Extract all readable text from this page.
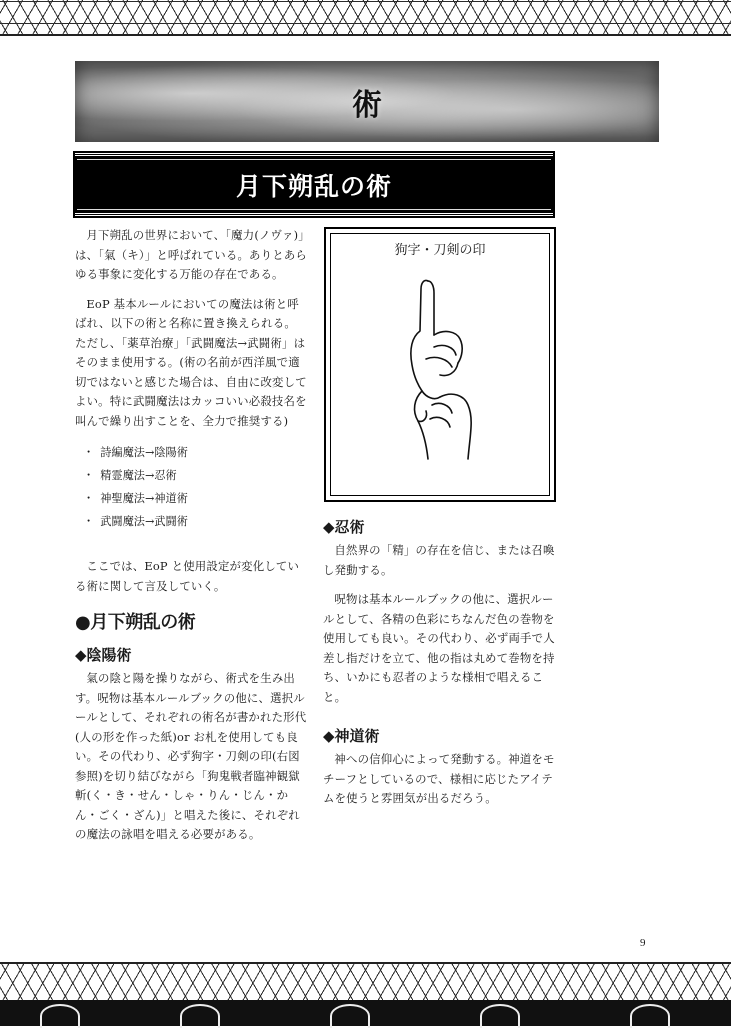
術
月下朔乱の術

月下朔乱の世界において、「魔力(ノヴァ)」は、「氣（キ）」と呼ばれている。ありとあらゆる事象に変化する万能の存在である。

EoP 基本ルールにおいての魔法は術と呼ばれ、以下の術と名称に置き換えられる。ただし、「薬草治療」「武闘魔法→武闘術」はそのまま使用する。(術の名前が西洋風で適切ではないと感じた場合は、自由に改変してよい。特に武闘魔法はカッコいい必殺技名を叫んで繰り出すことを、全力で推奨する)

・ 詩編魔法→陰陽術
・ 精霊魔法→忍術
・ 神聖魔法→神道術
・ 武闘魔法→武闘術

ここでは、EoP と使用設定が変化している術に関して言及していく。

●月下朔乱の術
◆陰陽術

氣の陰と陽を操りながら、術式を生み出す。呪物は基本ルールブックの他に、選択ルールとして、それぞれの術名が書かれた形代(人の形を作った紙)or お札を使用しても良い。その代わり、必ず狗字・刀剣の印(右図参照)を切り結びながら「狗鬼戦者臨神観獄斬(く・き・せん・しゃ・りん・じん・かん・ごく・ざん)」と唱えた後に、それぞれの魔法の詠唱を唱える必要がある。

狗字・刀剣の印
◆忍術

自然界の「精」の存在を信じ、または召喚し発動する。

呪物は基本ルールブックの他に、選択ルールとして、各精の色彩にちなんだ色の巻物を使用しても良い。その代わり、必ず両手で人差し指だけを立て、他の指は丸めて巻物を持ち、いかにも忍者のような様相で唱えること。

◆神道術

神への信仰心によって発動する。神道をモチーフとしているので、様相に応じたアイテムを使うと雰囲気が出るだろう。

9
